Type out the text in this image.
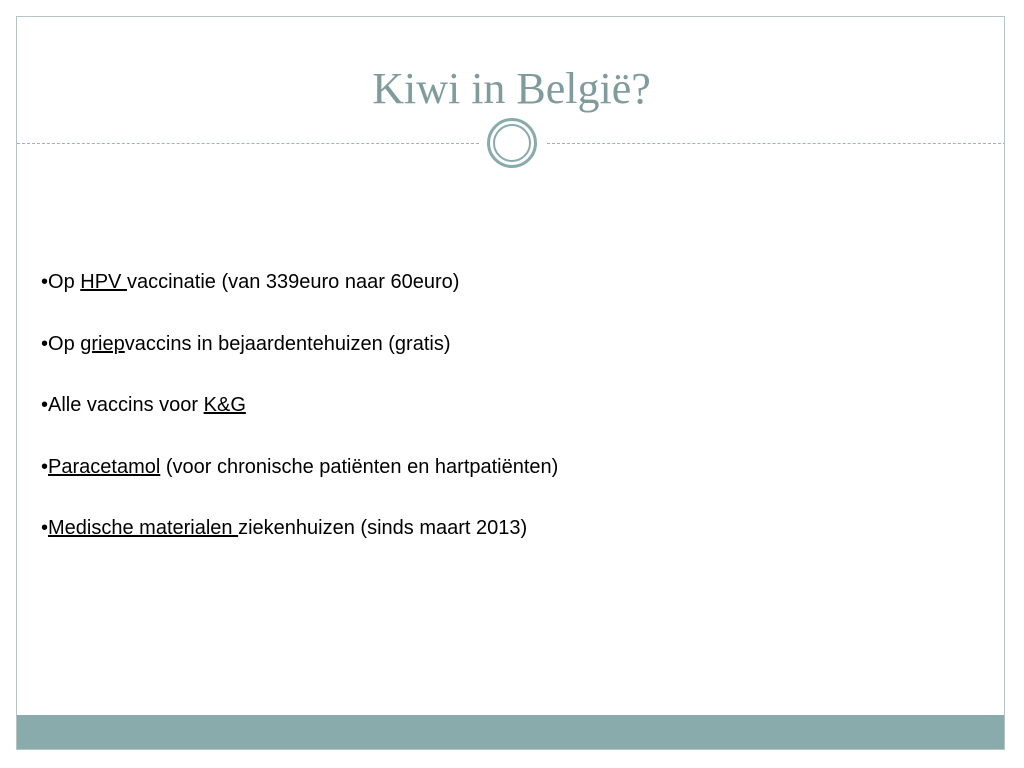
Kiwi in België?
•Op HPV vaccinatie (van 339euro naar 60euro)
•Op griepvaccins in bejaardentehuizen (gratis)
•Alle vaccins voor K&G
•Paracetamol (voor chronische patiënten en hartpatiënten)
•Medische materialen ziekenhuizen (sinds maart 2013)
